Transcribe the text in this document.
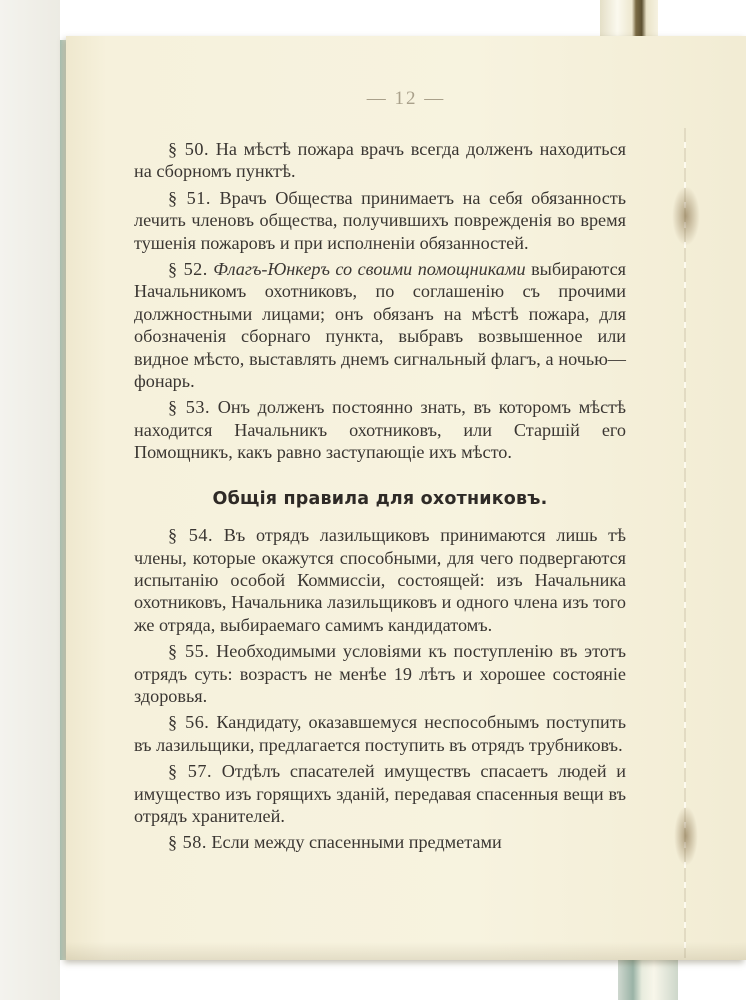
— 12 —

§ 50. На мѣстѣ пожара врачъ всегда долженъ находиться на сборномъ пунктѣ.

§ 51. Врачъ Общества принимаетъ на себя обязанность лечить членовъ общества, получившихъ поврежденія во время тушенія пожаровъ и при исполненіи обязанностей.

§ 52. Флагъ-Юнкеръ со своими помощниками выбираются Начальникомъ охотниковъ, по соглашенію съ прочими должностными лицами; онъ обязанъ на мѣстѣ пожара, для обозначенія сборнаго пункта, выбравъ возвышенное или видное мѣсто, выставлять днемъ сигнальный флагъ, а ночью—фонарь.

§ 53. Онъ долженъ постоянно знать, въ которомъ мѣстѣ находится Начальникъ охотниковъ, или Старшій его Помощникъ, какъ равно заступающіе ихъ мѣсто.

Общія правила для охотниковъ.

§ 54. Въ отрядъ лазильщиковъ принимаются лишь тѣ члены, которые окажутся способными, для чего подвергаются испытанію особой Коммиссіи, состоящей: изъ Начальника охотниковъ, Начальника лазильщиковъ и одного члена изъ того же отряда, выбираемаго самимъ кандидатомъ.

§ 55. Необходимыми условіями къ поступленію въ этотъ отрядъ суть: возрастъ не менѣе 19 лѣтъ и хорошее состояніе здоровья.

§ 56. Кандидату, оказавшемуся неспособнымъ поступить въ лазильщики, предлагается поступить въ отрядъ трубниковъ.

§ 57. Отдѣлъ спасателей имуществъ спасаетъ людей и имущество изъ горящихъ зданій, передавая спасенныя вещи въ отрядъ хранителей.

§ 58. Если между спасенными предметами
